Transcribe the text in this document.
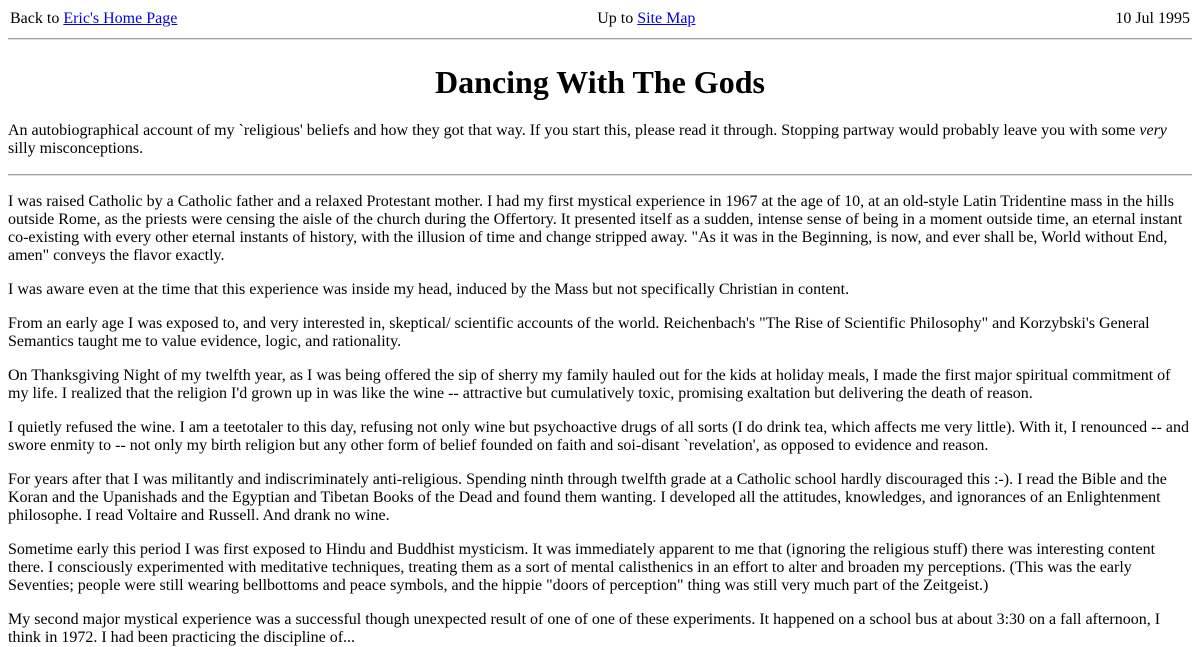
Back to Eric's Home Page	Up to Site Map	10 Jul 1995
Dancing With The Gods

An autobiographical account of my `religious' beliefs and how they got that way. If you start this, please read it through. Stopping partway would probably leave you with some very silly misconceptions.

I was raised Catholic by a Catholic father and a relaxed Protestant mother. I had my first mystical experience in 1967 at the age of 10, at an old-style Latin Tridentine mass in the hills outside Rome, as the priests were censing the aisle of the church during the Offertory. It presented itself as a sudden, intense sense of being in a moment outside time, an eternal instant co-existing with every other eternal instants of history, with the illusion of time and change stripped away. "As it was in the Beginning, is now, and ever shall be, World without End, amen" conveys the flavor exactly.

I was aware even at the time that this experience was inside my head, induced by the Mass but not specifically Christian in content.

From an early age I was exposed to, and very interested in, skeptical/ scientific accounts of the world. Reichenbach's "The Rise of Scientific Philosophy" and Korzybski's General Semantics taught me to value evidence, logic, and rationality.

On Thanksgiving Night of my twelfth year, as I was being offered the sip of sherry my family hauled out for the kids at holiday meals, I made the first major spiritual commitment of my life. I realized that the religion I'd grown up in was like the wine -- attractive but cumulatively toxic, promising exaltation but delivering the death of reason.

I quietly refused the wine. I am a teetotaler to this day, refusing not only wine but psychoactive drugs of all sorts (I do drink tea, which affects me very little). With it, I renounced -- and swore enmity to -- not only my birth religion but any other form of belief founded on faith and soi-disant `revelation', as opposed to evidence and reason.

For years after that I was militantly and indiscriminately anti-religious. Spending ninth through twelfth grade at a Catholic school hardly discouraged this :-). I read the Bible and the Koran and the Upanishads and the Egyptian and Tibetan Books of the Dead and found them wanting. I developed all the attitudes, knowledges, and ignorances of an Enlightenment philosophe. I read Voltaire and Russell. And drank no wine.

Sometime early this period I was first exposed to Hindu and Buddhist mysticism. It was immediately apparent to me that (ignoring the religious stuff) there was interesting content there. I consciously experimented with meditative techniques, treating them as a sort of mental calisthenics in an effort to alter and broaden my perceptions. (This was the early Seventies; people were still wearing bellbottoms and peace symbols, and the hippie "doors of perception" thing was still very much part of the Zeitgeist.)

My second major mystical experience was a successful though unexpected result of one of one of these experiments. It happened on a school bus at about 3:30 on a fall afternoon, I think in 1972. I had been practicing the discipline of...
